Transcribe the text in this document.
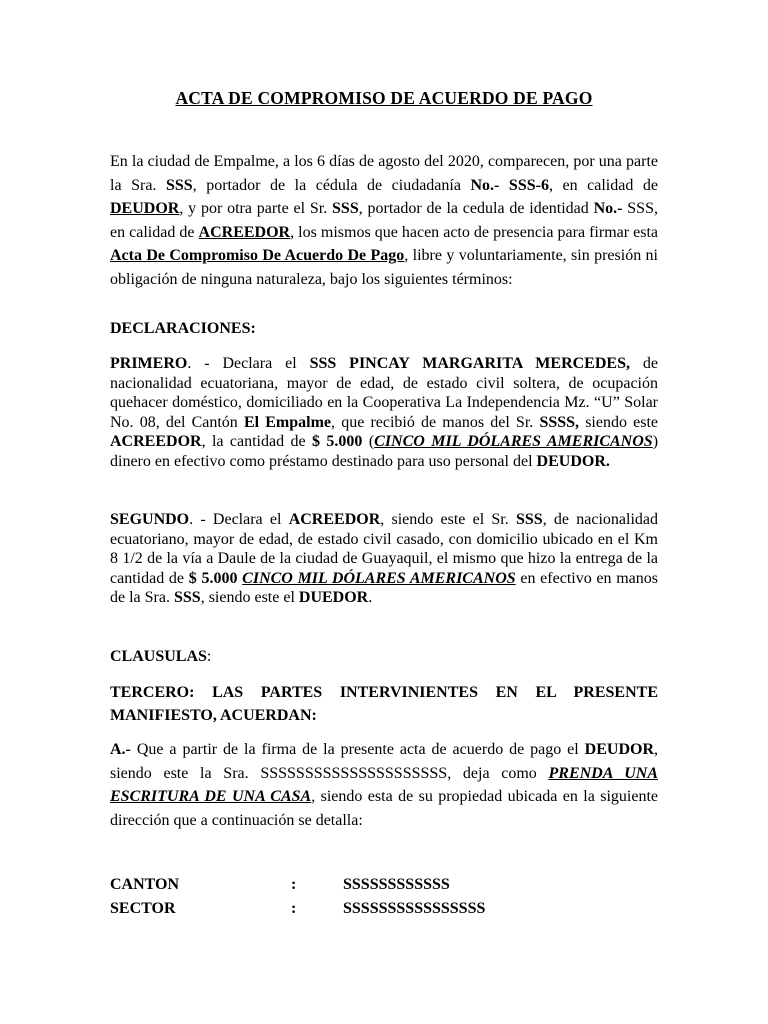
ACTA DE COMPROMISO DE ACUERDO DE PAGO
En la ciudad de Empalme, a los 6 días de agosto del 2020, comparecen, por una parte la Sra. SSS, portador de la cédula de ciudadanía No.- SSS-6, en calidad de DEUDOR, y por otra parte el Sr. SSS, portador de la cedula de identidad No.- SSS, en calidad de ACREEDOR, los mismos que hacen acto de presencia para firmar esta Acta De Compromiso De Acuerdo De Pago, libre y voluntariamente, sin presión ni obligación de ninguna naturaleza, bajo los siguientes términos:
DECLARACIONES:
PRIMERO. - Declara el SSS PINCAY MARGARITA MERCEDES, de nacionalidad ecuatoriana, mayor de edad, de estado civil soltera, de ocupación quehacer doméstico, domiciliado en la Cooperativa La Independencia Mz. “U” Solar No. 08, del Cantón El Empalme, que recibió de manos del Sr. SSSS, siendo este ACREEDOR, la cantidad de $ 5.000 (CINCO MIL DÓLARES AMERICANOS) dinero en efectivo como préstamo destinado para uso personal del DEUDOR.
SEGUNDO. - Declara el ACREEDOR, siendo este el Sr. SSS, de nacionalidad ecuatoriano, mayor de edad, de estado civil casado, con domicilio ubicado en el Km 8 1/2 de la vía a Daule de la ciudad de Guayaquil, el mismo que hizo la entrega de la cantidad de $ 5.000 CINCO MIL DÓLARES AMERICANOS en efectivo en manos de la Sra. SSS, siendo este el DUEDOR.
CLAUSULAS:
TERCERO: LAS PARTES INTERVINIENTES EN EL PRESENTE MANIFIESTO, ACUERDAN:
A.- Que a partir de la firma de la presente acta de acuerdo de pago el DEUDOR, siendo este la Sra. SSSSSSSSSSSSSSSSSSSSS, deja como PRENDA UNA ESCRITURA DE UNA CASA, siendo esta de su propiedad ubicada en la siguiente dirección que a continuación se detalla:
CANTON	:	SSSSSSSSSSSS
SECTOR	:	SSSSSSSSSSSSSSSS
